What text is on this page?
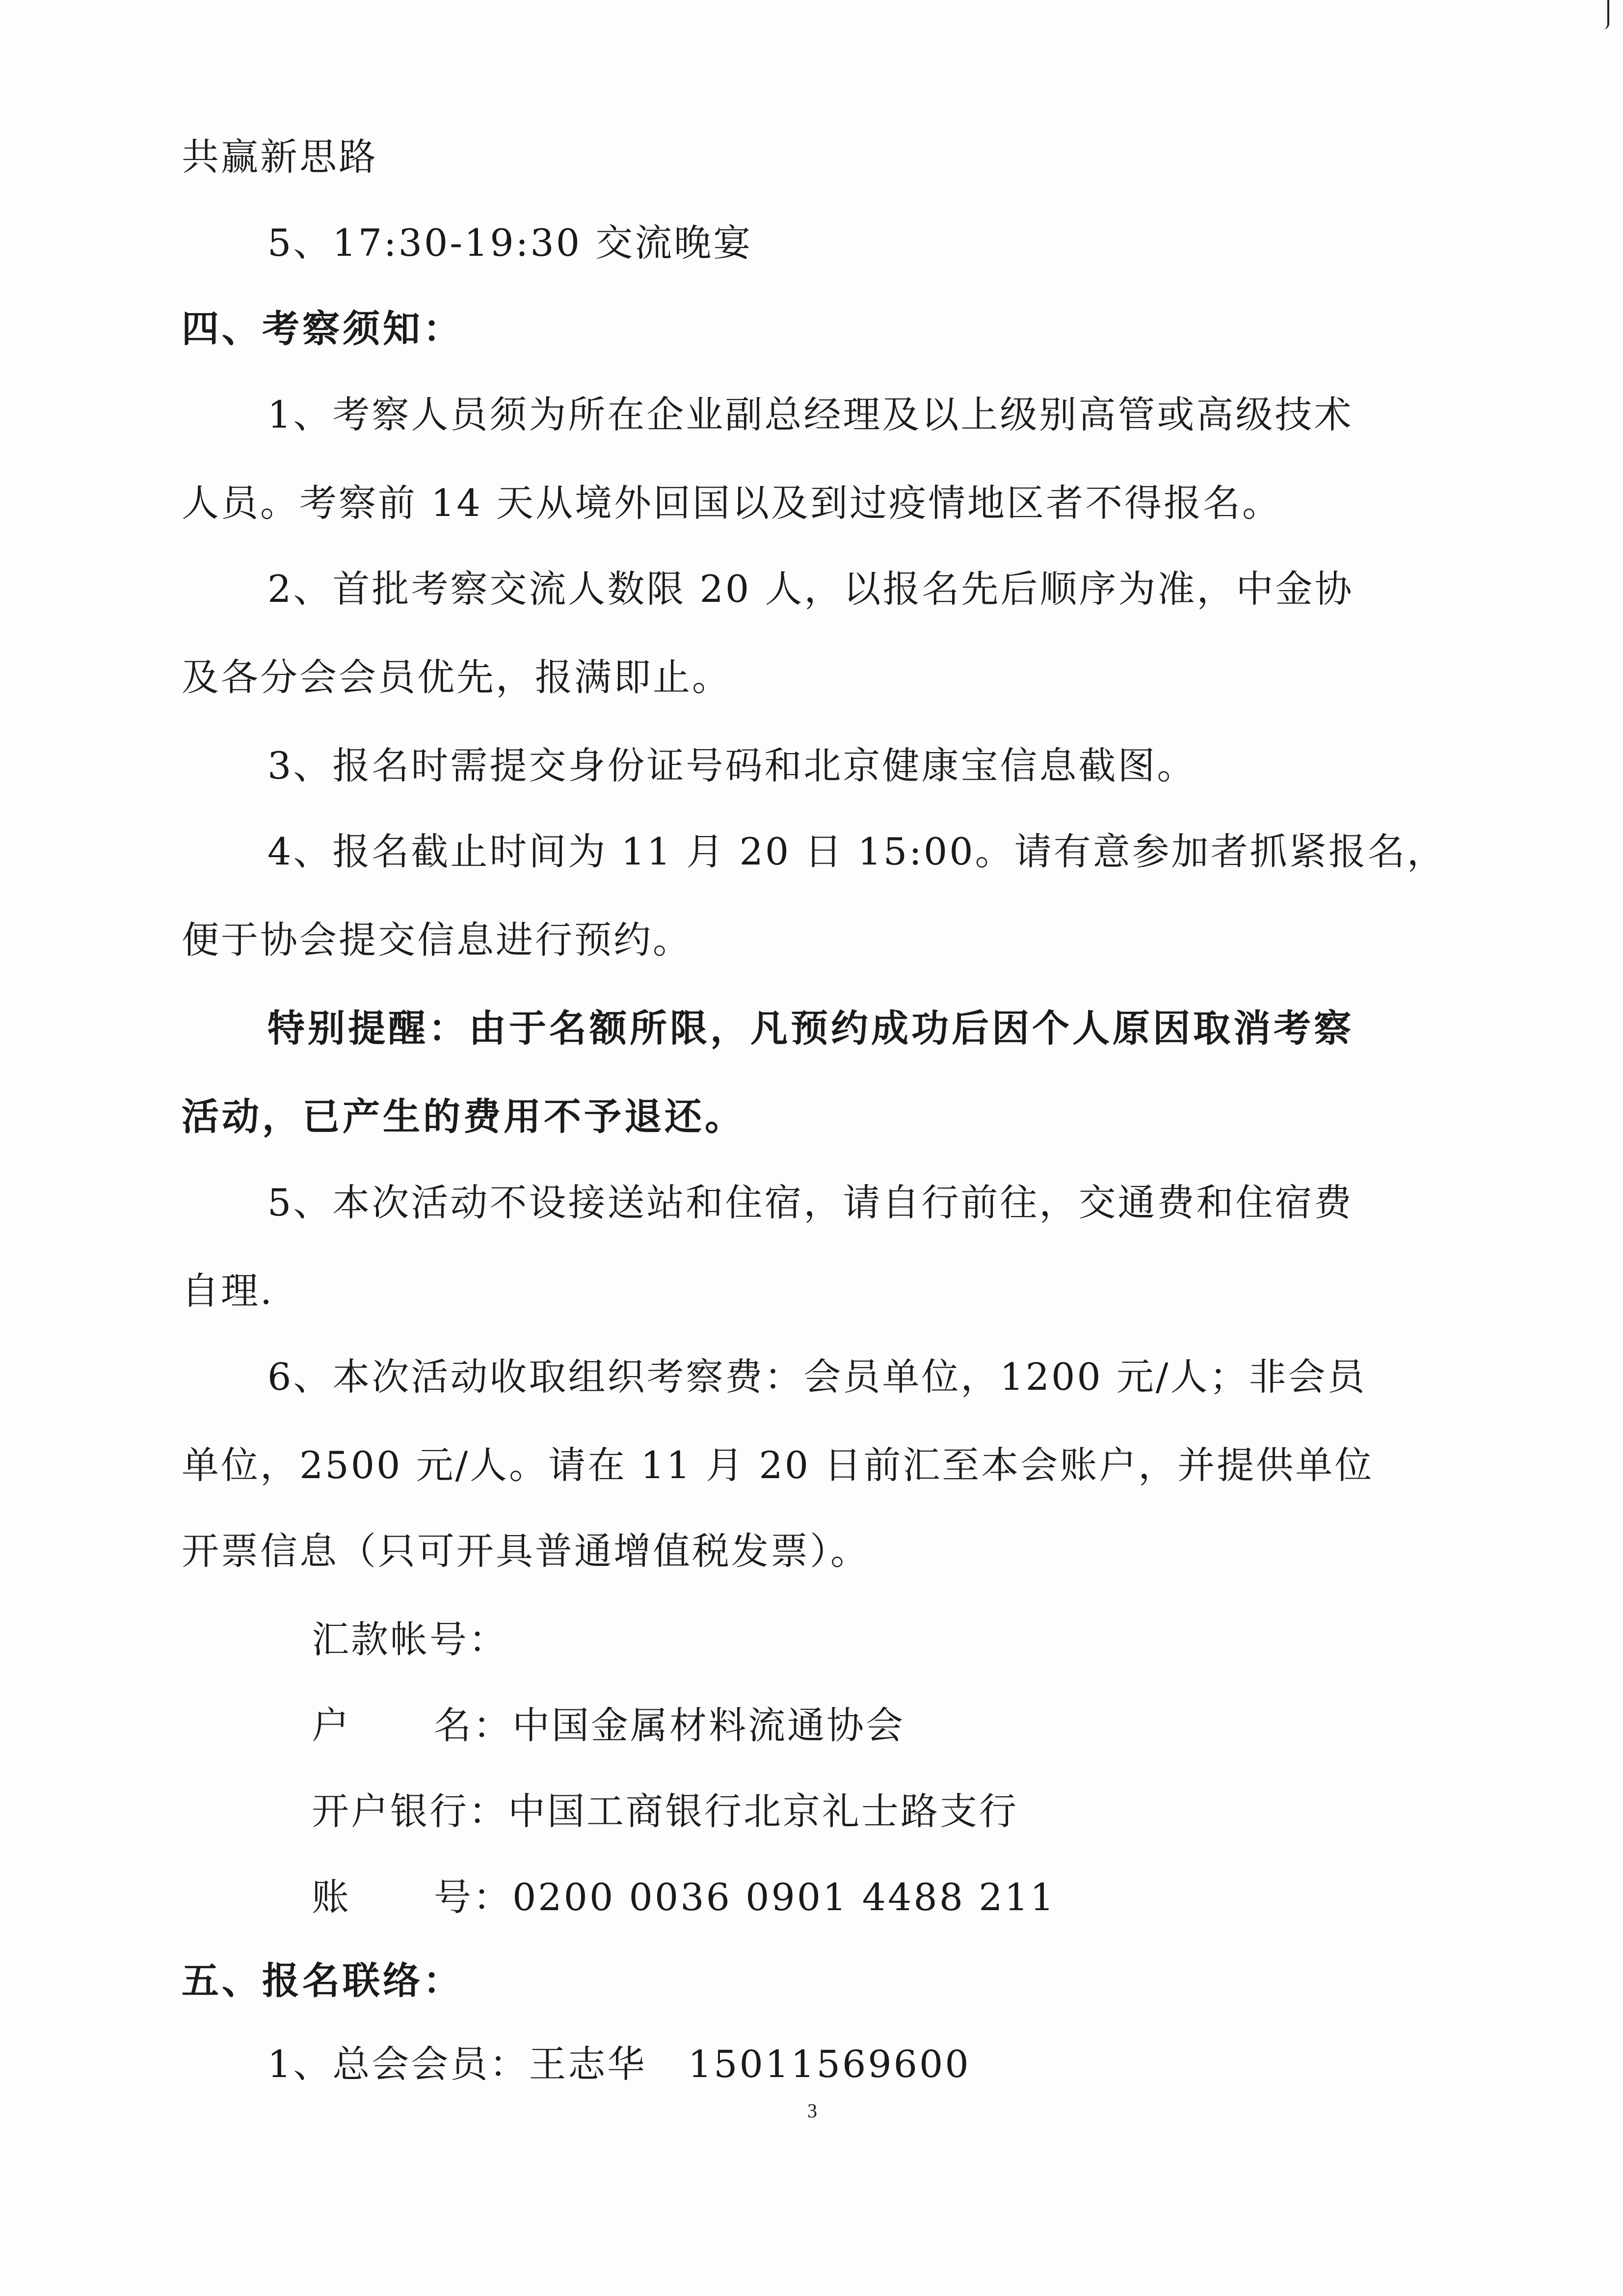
共赢新思路
5、17:30-19:30 交流晚宴
四、考察须知：
1、考察人员须为所在企业副总经理及以上级别高管或高级技术
人员。考察前 14 天从境外回国以及到过疫情地区者不得报名。
2、首批考察交流人数限 20 人，以报名先后顺序为准，中金协
及各分会会员优先，报满即止。
3、报名时需提交身份证号码和北京健康宝信息截图。
4、报名截止时间为 11 月 20 日 15:00。请有意参加者抓紧报名，
便于协会提交信息进行预约。
特别提醒：由于名额所限，凡预约成功后因个人原因取消考察
活动，已产生的费用不予退还。
5、本次活动不设接送站和住宿，请自行前往，交通费和住宿费
自理.
6、本次活动收取组织考察费：会员单位，1200 元/人；非会员
单位，2500 元/人。请在 11 月 20 日前汇至本会账户，并提供单位
开票信息（只可开具普通增值税发票）。
汇款帐号：
户      名：中国金属材料流通协会
开户银行：中国工商银行北京礼士路支行
账      号：0200 0036 0901 4488 211
五、报名联络：
1、总会会员：王志华   15011569600
3
